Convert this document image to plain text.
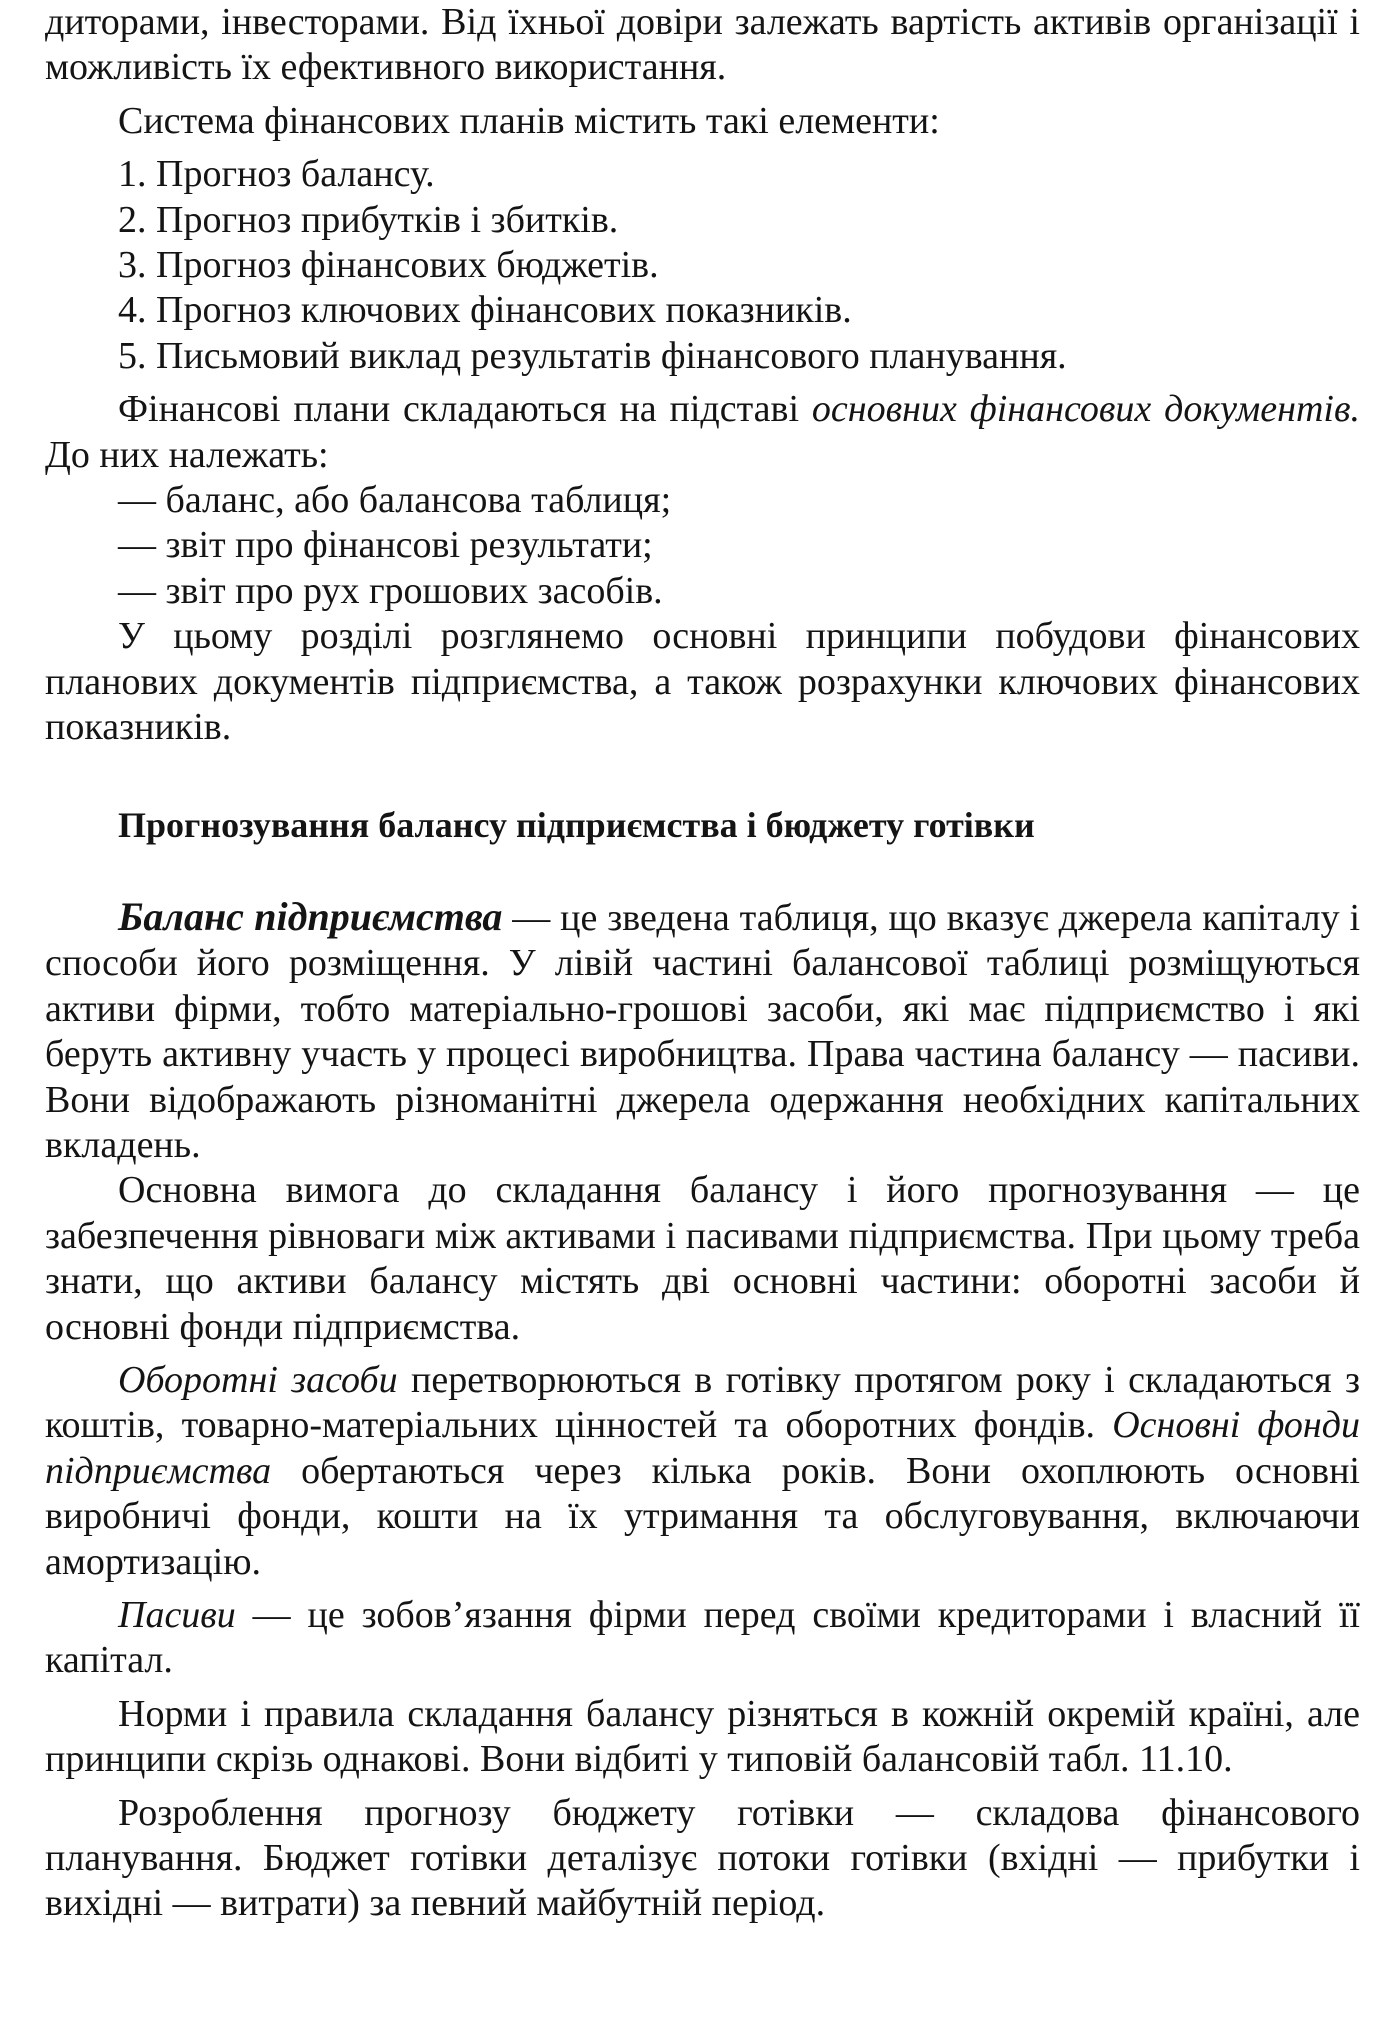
диторами, інвесторами. Від їхньої довіри залежать вартість активів організації і можливість їх ефективного використання.

Система фінансових планів містить такі елементи:

1. Прогноз балансу.
2. Прогноз прибутків і збитків.
3. Прогноз фінансових бюджетів.
4. Прогноз ключових фінансових показників.
5. Письмовий виклад результатів фінансового планування.

Фінансові плани складаються на підставі основних фінансових документів. До них належать:

— баланс, або балансова таблиця;
— звіт про фінансові результати;
— звіт про рух грошових засобів.

У цьому розділі розглянемо основні принципи побудови фінансових планових документів підприємства, а також розрахунки ключових фінансових показників.

Прогнозування балансу підприємства і бюджету готівки

Баланс підприємства — це зведена таблиця, що вказує джерела капіталу і способи його розміщення. У лівій частині балансової таблиці розміщуються активи фірми, тобто матеріально-грошові засоби, які має підприємство і які беруть активну участь у процесі виробництва. Права частина балансу — пасиви. Вони відображають різноманітні джерела одержання необхідних капітальних вкладень.

Основна вимога до складання балансу і його прогнозування — це забезпечення рівноваги між активами і пасивами підприємства. При цьому треба знати, що активи балансу містять дві основні частини: оборотні засоби й основні фонди підприємства.

Оборотні засоби перетворюються в готівку протягом року і складаються з коштів, товарно-матеріальних цінностей та оборотних фондів. Основні фонди підприємства обертаються через кілька років. Вони охоплюють основні виробничі фонди, кошти на їх утримання та обслуговування, включаючи амортизацію.

Пасиви — це зобов’язання фірми перед своїми кредиторами і власний її капітал.

Норми і правила складання балансу різняться в кожній окремій країні, але принципи скрізь однакові. Вони відбиті у типовій балансовій табл. 11.10.

Розроблення прогнозу бюджету готівки — складова фінансового планування. Бюджет готівки деталізує потоки готівки (вхідні — прибутки і вихідні — витрати) за певний майбутній період.
